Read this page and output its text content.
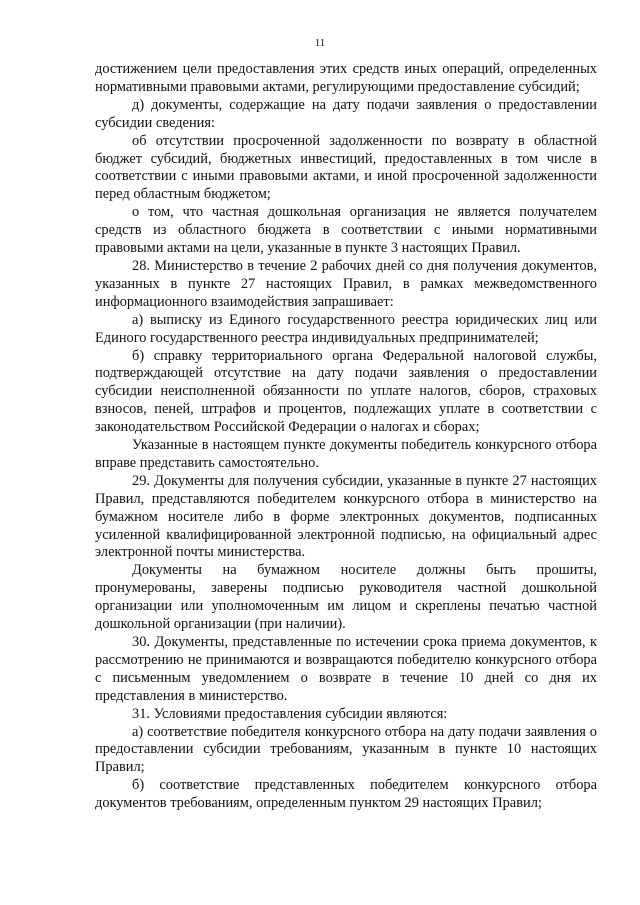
11

достижением цели предоставления этих средств иных операций, определенных нормативными правовыми актами, регулирующими предоставление субсидий;

д) документы, содержащие на дату подачи заявления о предоставлении субсидии сведения:

об отсутствии просроченной задолженности по возврату в областной бюджет субсидий, бюджетных инвестиций, предоставленных в том числе в соответствии с иными правовыми актами, и иной просроченной задолженности перед областным бюджетом;

о том, что частная дошкольная организация не является получателем средств из областного бюджета в соответствии с иными нормативными правовыми актами на цели, указанные в пункте 3 настоящих Правил.

28. Министерство в течение 2 рабочих дней со дня получения документов, указанных в пункте 27 настоящих Правил, в рамках межведомственного информационного взаимодействия запрашивает:

а) выписку из Единого государственного реестра юридических лиц или Единого государственного реестра индивидуальных предпринимателей;

б) справку территориального органа Федеральной налоговой службы, подтверждающей отсутствие на дату подачи заявления о предоставлении субсидии неисполненной обязанности по уплате налогов, сборов, страховых взносов, пеней, штрафов и процентов, подлежащих уплате в соответствии с законодательством Российской Федерации о налогах и сборах;

Указанные в настоящем пункте документы победитель конкурсного отбора вправе представить самостоятельно.

29. Документы для получения субсидии, указанные в пункте 27 настоящих Правил, представляются победителем конкурсного отбора в министерство на бумажном носителе либо в форме электронных документов, подписанных усиленной квалифицированной электронной подписью, на официальный адрес электронной почты министерства.

Документы на бумажном носителе должны быть прошиты, пронумерованы, заверены подписью руководителя частной дошкольной организации или уполномоченным им лицом и скреплены печатью частной дошкольной организации (при наличии).

30. Документы, представленные по истечении срока приема документов, к рассмотрению не принимаются и возвращаются победителю конкурсного отбора с письменным уведомлением о возврате в течение 10 дней со дня их представления в министерство.

31. Условиями предоставления субсидии являются:

а) соответствие победителя конкурсного отбора на дату подачи заявления о предоставлении субсидии требованиям, указанным в пункте 10 настоящих Правил;

б) соответствие представленных победителем конкурсного отбора документов требованиям, определенным пунктом 29 настоящих Правил;
